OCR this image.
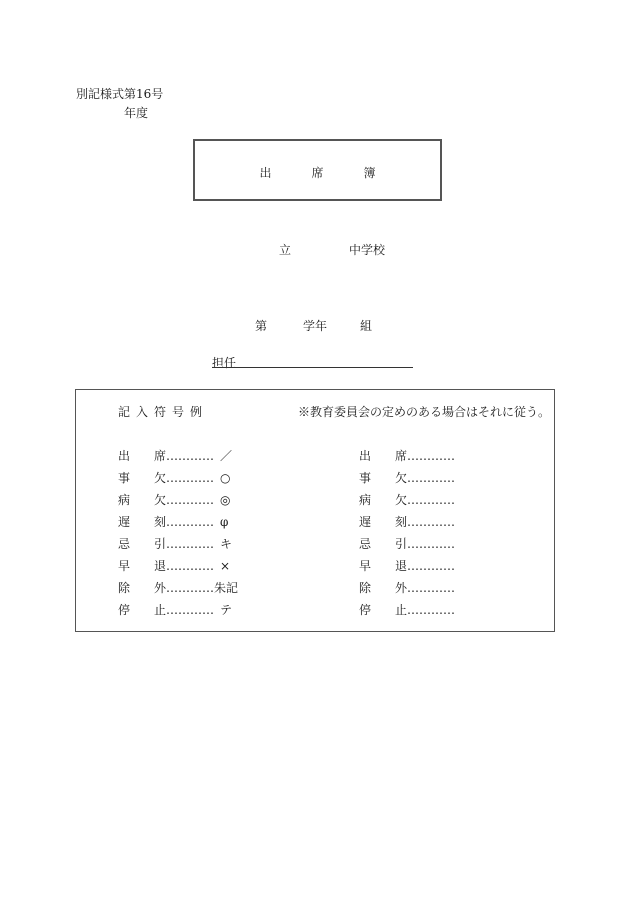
別記様式第16号
年度
出	席	簿
立	中学校
第	学年	組
担任
記入符号例	※教育委員会の定めのある場合はそれに従う。
出 席………… ／
事 欠………… ○
病 欠………… ◎
遅 刻………… φ
忌 引………… キ
早 退………… ×
除 外…………朱記
停 止………… テ
出 席…………
事 欠…………
病 欠…………
遅 刻…………
忌 引…………
早 退…………
除 外…………
停 止…………
